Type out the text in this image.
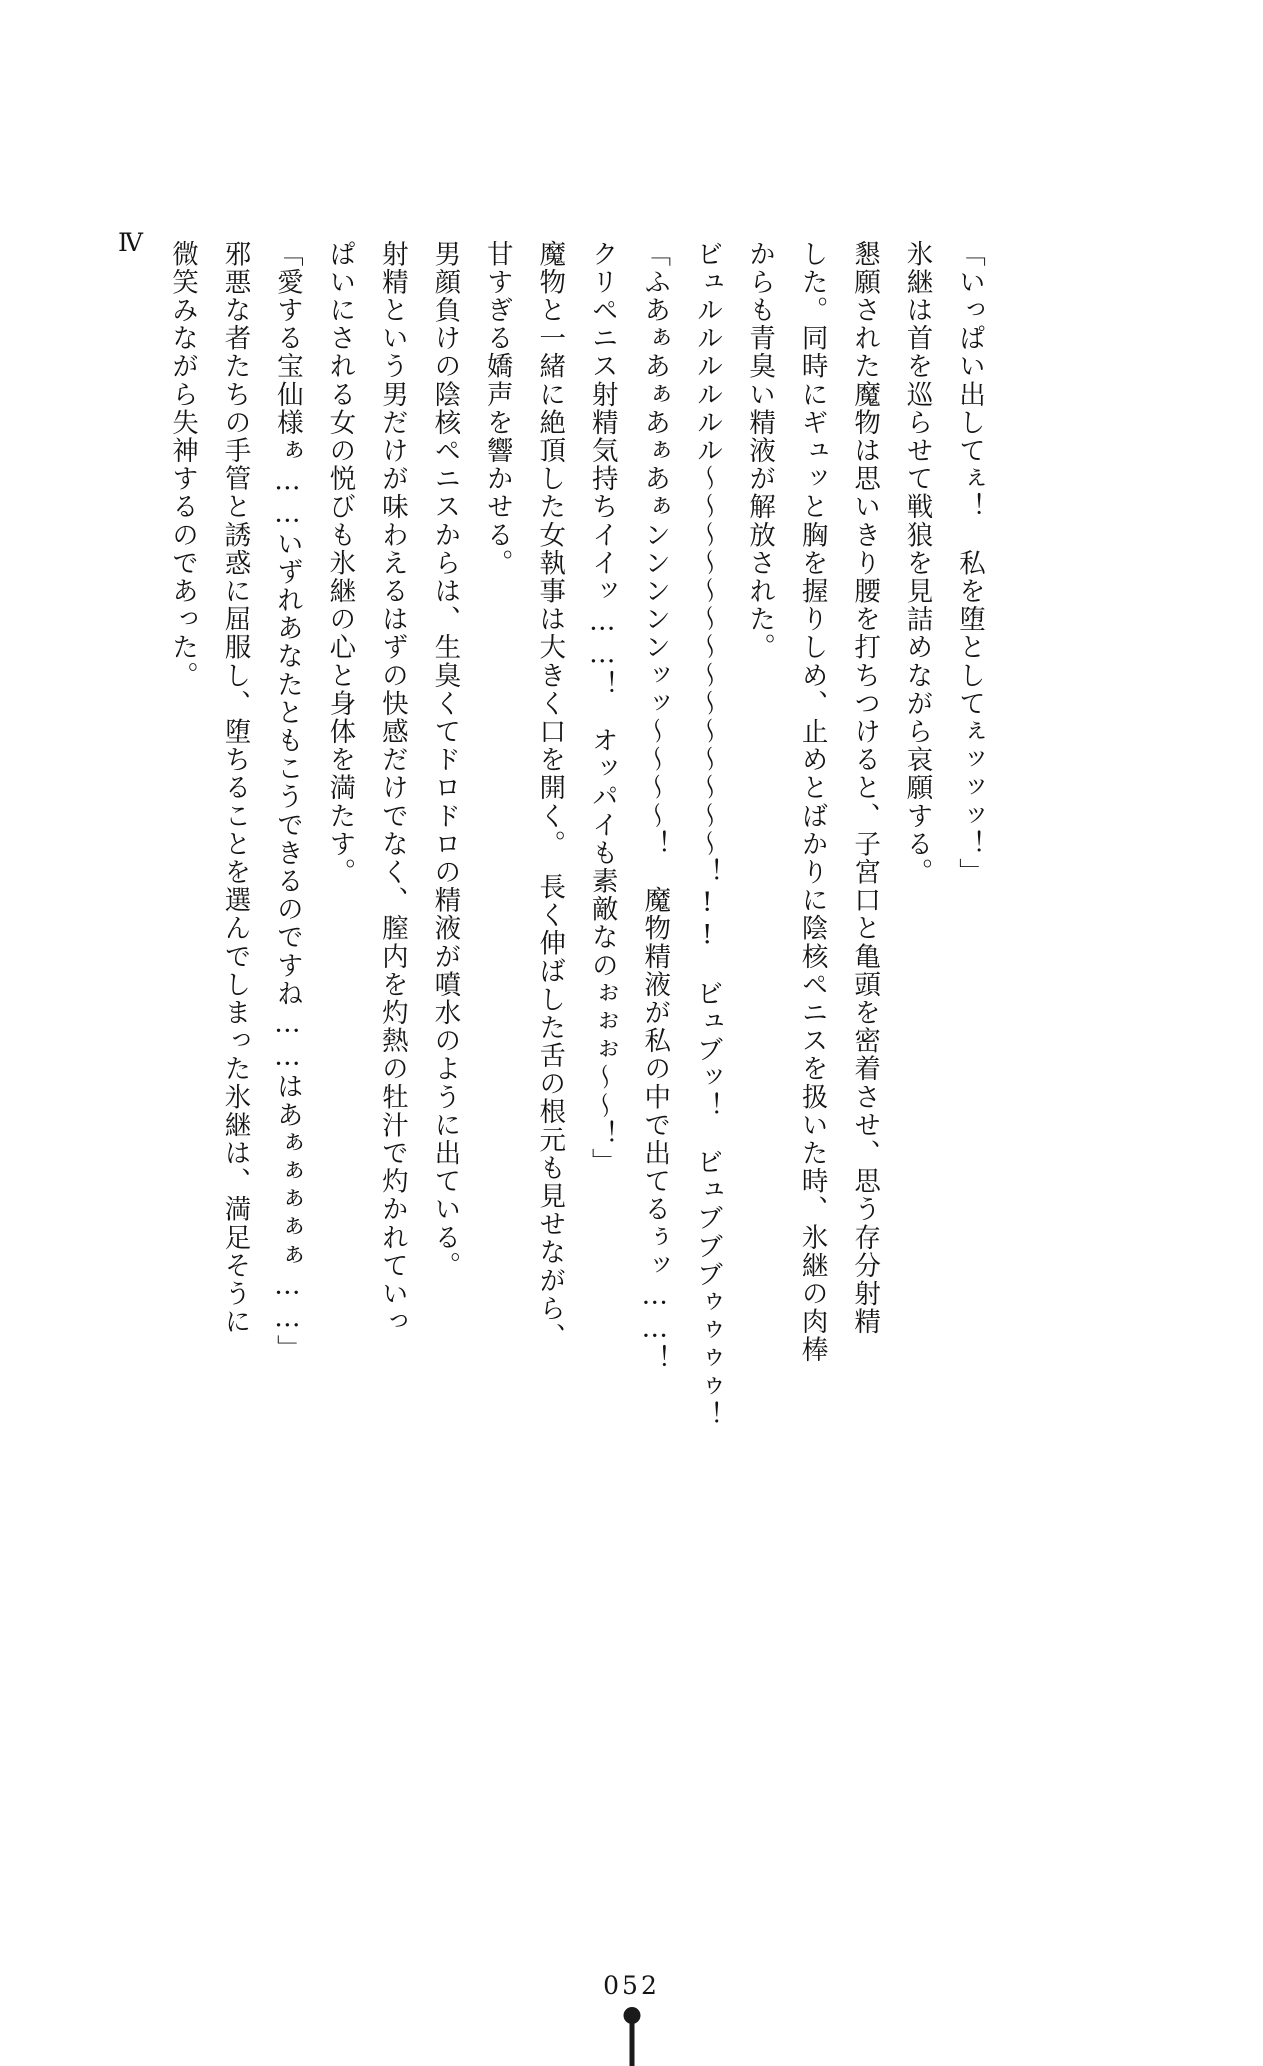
Ⅳ	「いっぱい出してぇ！　私を堕としてぇッッッ！」

氷継は首を巡らせて戦狼を見詰めながら哀願する。

懇願された魔物は思いきり腰を打ちつけると、子宮口と亀頭を密着させ、思う存分射精

した。同時にギュッと胸を握りしめ、止めとばかりに陰核ペニスを扱いた時、氷継の肉棒

からも青臭い精液が解放された。

ビュルルルルルル～～～～～～～～～～～～～～！!!　ビュブッ！　ビュブブブゥゥゥゥ！

「ふあぁあぁあぁあぁンンンンンッッ～～～～！　魔物精液が私の中で出てるぅッ……！

クリペニス射精気持ちイイッ……！　オッパイも素敵なのぉぉぉ～～！」

魔物と一緒に絶頂した女執事は大きく口を開く。　長く伸ばした舌の根元も見せながら、

甘すぎる嬌声を響かせる。

男顔負けの陰核ペニスからは、生臭くてドロドロの精液が噴水のように出ている。

射精という男だけが味わえるはずの快感だけでなく、膣内を灼熱の牡汁で灼かれていっ

ぱいにされる女の悦びも氷継の心と身体を満たす。

「愛する宝仙様ぁ……いずれあなたともこうできるのですね……はあぁぁぁぁぁ……」

邪悪な者たちの手管と誘惑に屈服し、堕ちることを選んでしまった氷継は、満足そうに

微笑みながら失神するのであった。

052
